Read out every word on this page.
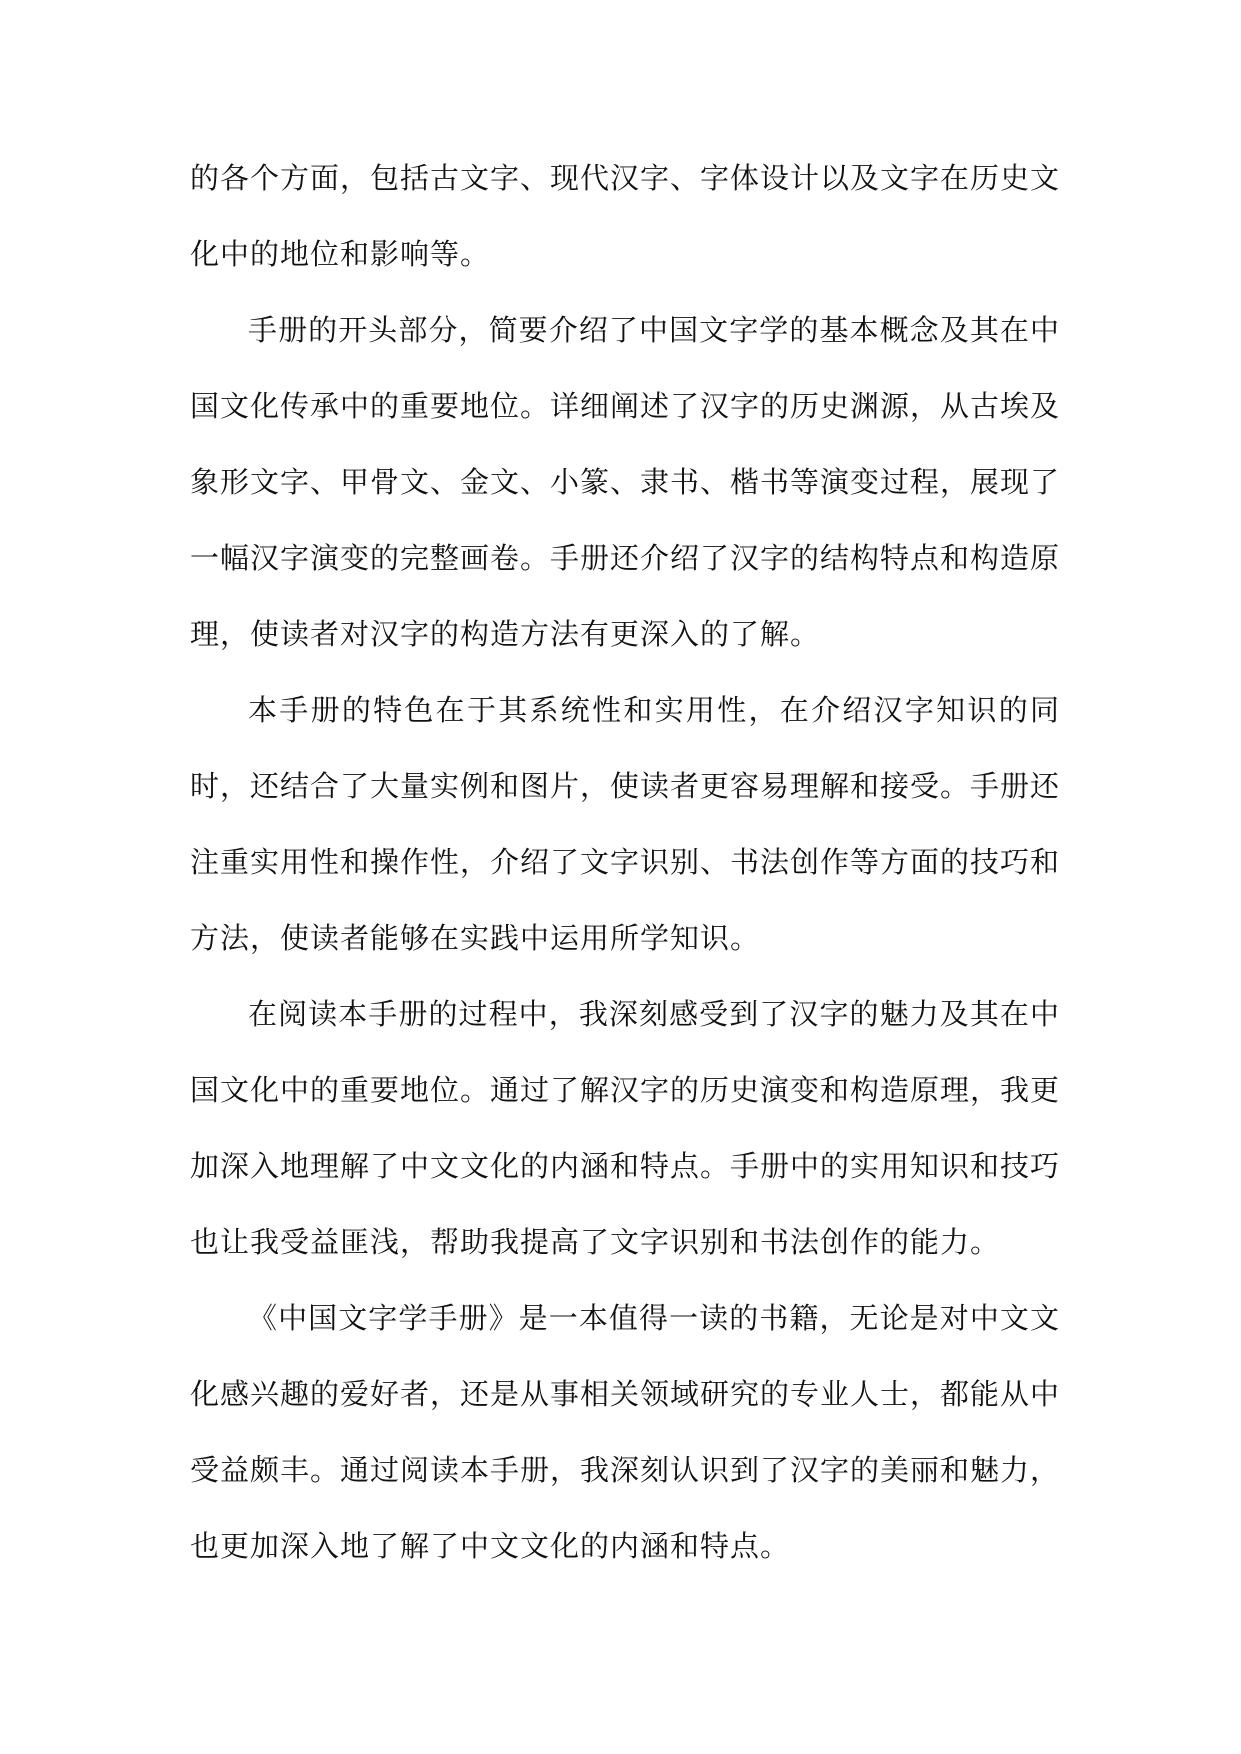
的各个方面，包括古文字、现代汉字、字体设计以及文字在历史文化中的地位和影响等。

手册的开头部分，简要介绍了中国文字学的基本概念及其在中国文化传承中的重要地位。详细阐述了汉字的历史渊源，从古埃及象形文字、甲骨文、金文、小篆、隶书、楷书等演变过程，展现了一幅汉字演变的完整画卷。手册还介绍了汉字的结构特点和构造原理，使读者对汉字的构造方法有更深入的了解。

本手册的特色在于其系统性和实用性，在介绍汉字知识的同时，还结合了大量实例和图片，使读者更容易理解和接受。手册还注重实用性和操作性，介绍了文字识别、书法创作等方面的技巧和方法，使读者能够在实践中运用所学知识。

在阅读本手册的过程中，我深刻感受到了汉字的魅力及其在中国文化中的重要地位。通过了解汉字的历史演变和构造原理，我更加深入地理解了中文文化的内涵和特点。手册中的实用知识和技巧也让我受益匪浅，帮助我提高了文字识别和书法创作的能力。

《中国文字学手册》是一本值得一读的书籍，无论是对中文文化感兴趣的爱好者，还是从事相关领域研究的专业人士，都能从中受益颇丰。通过阅读本手册，我深刻认识到了汉字的美丽和魅力，也更加深入地了解了中文文化的内涵和特点。
